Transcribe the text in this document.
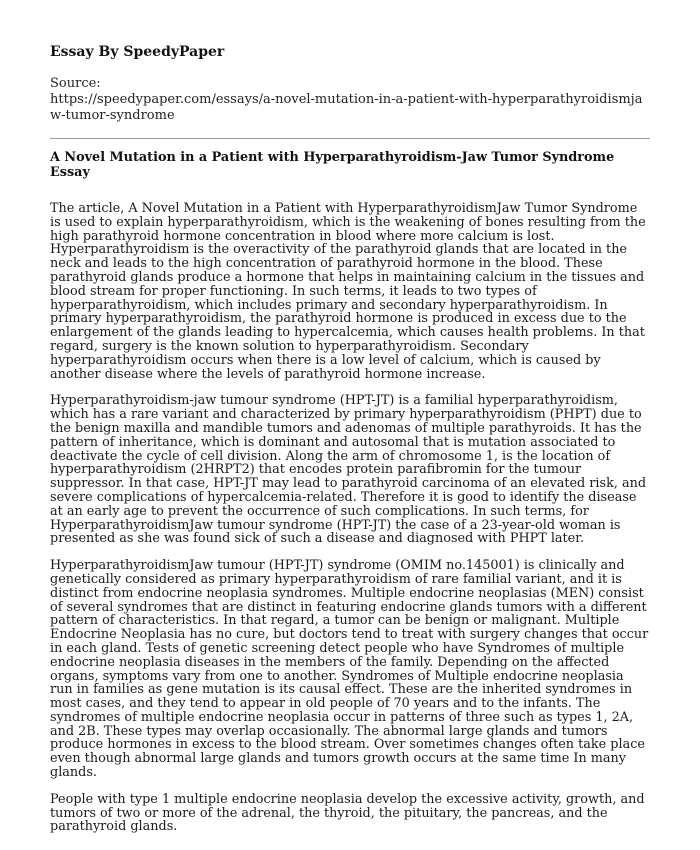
Essay By SpeedyPaper
Source:
https://speedypaper.com/essays/a-novel-mutation-in-a-patient-with-hyperparathyroidismjaw-tumor-syndrome
A Novel Mutation in a Patient with Hyperparathyroidism-Jaw Tumor Syndrome Essay

The article, A Novel Mutation in a Patient with HyperparathyroidismJaw Tumor Syndrome is used to explain hyperparathyroidism, which is the weakening of bones resulting from the high parathyroid hormone concentration in blood where more calcium is lost. Hyperparathyroidism is the overactivity of the parathyroid glands that are located in the neck and leads to the high concentration of parathyroid hormone in the blood. These parathyroid glands produce a hormone that helps in maintaining calcium in the tissues and blood stream for proper functioning. In such terms, it leads to two types of hyperparathyroidism, which includes primary and secondary hyperparathyroidism. In primary hyperparathyroidism, the parathyroid hormone is produced in excess due to the enlargement of the glands leading to hypercalcemia, which causes health problems. In that regard, surgery is the known solution to hyperparathyroidism. Secondary hyperparathyroidism occurs when there is a low level of calcium, which is caused by another disease where the levels of parathyroid hormone increase.

Hyperparathyroidism-jaw tumour syndrome (HPT-JT) is a familial hyperparathyroidism, which has a rare variant and characterized by primary hyperparathyroidism (PHPT) due to the benign maxilla and mandible tumors and adenomas of multiple parathyroids. It has the pattern of inheritance, which is dominant and autosomal that is mutation associated to deactivate the cycle of cell division. Along the arm of chromosome 1, is the location of hyperparathyroidism (2HRPT2) that encodes protein parafibromin for the tumour suppressor. In that case, HPT-JT may lead to parathyroid carcinoma of an elevated risk, and severe complications of hypercalcemia-related. Therefore it is good to identify the disease at an early age to prevent the occurrence of such complications. In such terms, for HyperparathyroidismJaw tumour syndrome (HPT-JT) the case of a 23-year-old woman is presented as she was found sick of such a disease and diagnosed with PHPT later.

HyperparathyroidismJaw tumour (HPT-JT) syndrome (OMIM no.145001) is clinically and genetically considered as primary hyperparathyroidism of rare familial variant, and it is distinct from endocrine neoplasia syndromes. Multiple endocrine neoplasias (MEN) consist of several syndromes that are distinct in featuring endocrine glands tumors with a different pattern of characteristics. In that regard, a tumor can be benign or malignant. Multiple Endocrine Neoplasia has no cure, but doctors tend to treat with surgery changes that occur in each gland. Tests of genetic screening detect people who have Syndromes of multiple endocrine neoplasia diseases in the members of the family. Depending on the affected organs, symptoms vary from one to another. Syndromes of Multiple endocrine neoplasia run in families as gene mutation is its causal effect. These are the inherited syndromes in most cases, and they tend to appear in old people of 70 years and to the infants. The syndromes of multiple endocrine neoplasia occur in patterns of three such as types 1, 2A, and 2B. These types may overlap occasionally. The abnormal large glands and tumors produce hormones in excess to the blood stream. Over sometimes changes often take place even though abnormal large glands and tumors growth occurs at the same time In many glands.

People with type 1 multiple endocrine neoplasia develop the excessive activity, growth, and tumors of two or more of the adrenal, the thyroid, the pituitary, the pancreas, and the parathyroid glands.
